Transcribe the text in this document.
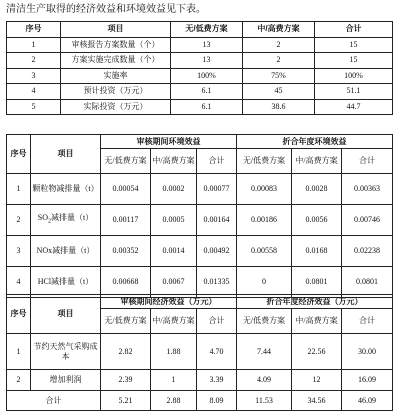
清洁生产取得的经济效益和环境效益见下表。
序号	项目	无/低费方案	中/高费方案	合计
1	审核报告方案数量（个）	13	2	15
2	方案实施完成数量（个）	13	2	15
3	实施率	100%	75%	100%
4	预计投资（万元）	6.1	45	51.1
5	实际投资（万元）	6.1	38.6	44.7
序号	项目	审核期间环境效益			折合年度环境效益		
		无/低费方案	中/高费方案	合计	无/低费方案	中/高费方案	合计
1	颗粒物减排量（t）	0.00054	0.0002	0.00077	0.00083	0.0028	0.00363
2	$SO_2$减排量（t）	0.00117	0.0005	0.00164	0.00186	0.0056	0.00746
3	NOx减排量（t）	0.00352	0.0014	0.00492	0.00558	0.0168	0.02238
4	HCl减排量（t）	0.00668	0.0067	0.01335	0	0.0801	0.0801
序号	项目	审核期间经济效益（万元）			折合年度经济效益（万元）		
		无/低费方案	中/高费方案	合计	无/低费方案	中/高费方案	合计
1	节约天然气采购成本	2.82	1.88	4.70	7.44	22.56	30.00
2	增加利润	2.39	1	3.39	4.09	12	16.09
合计		5.21	2.88	8.09	11.53	34.56	46.09
